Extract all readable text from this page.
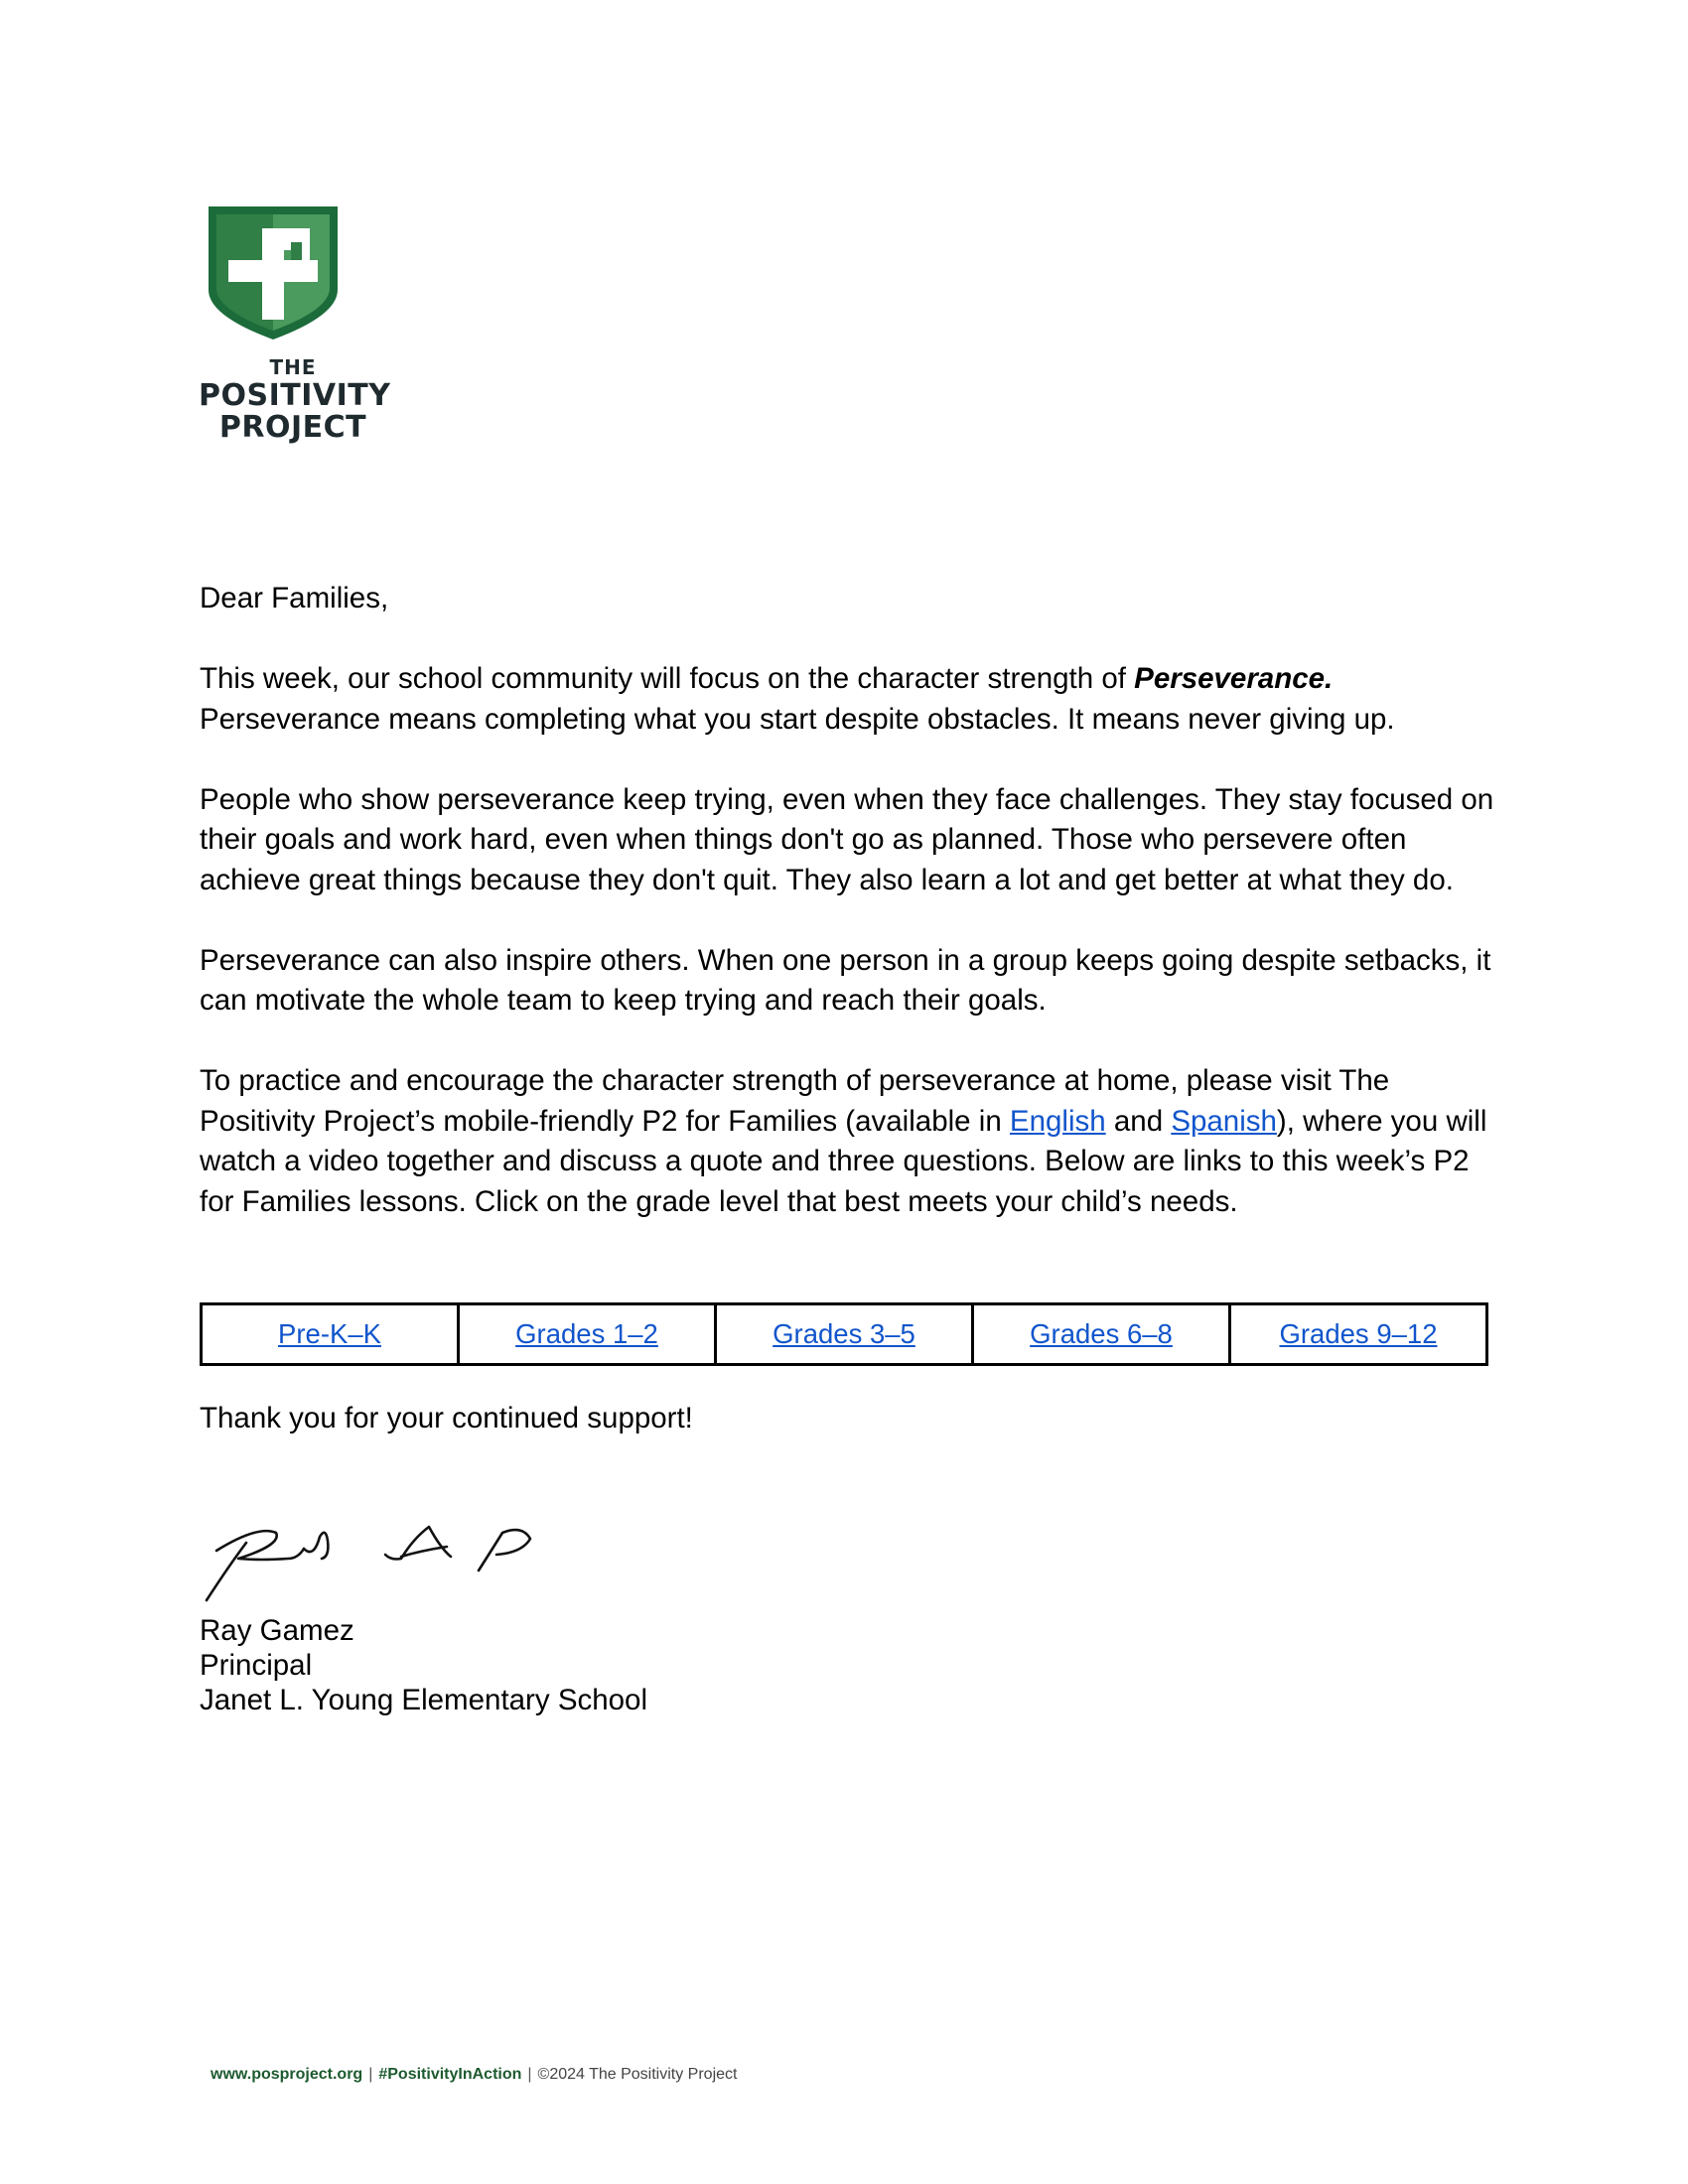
THE
POSITIVITY
PROJECT

Dear Families,

This week, our school community will focus on the character strength of Perseverance. Perseverance means completing what you start despite obstacles. It means never giving up.

People who show perseverance keep trying, even when they face challenges. They stay focused on their goals and work hard, even when things don't go as planned. Those who persevere often achieve great things because they don't quit. They also learn a lot and get better at what they do.

Perseverance can also inspire others. When one person in a group keeps going despite setbacks, it can motivate the whole team to keep trying and reach their goals.

To practice and encourage the character strength of perseverance at home, please visit The Positivity Project’s mobile-friendly P2 for Families (available in English and Spanish), where you will watch a video together and discuss a quote and three questions. Below are links to this week’s P2 for Families lessons. Click on the grade level that best meets your child’s needs.

Pre-K–K	Grades 1–2	Grades 3–5	Grades 6–8	Grades 9–12
Thank you for your continued support!
Ray Gamez
Principal
Janet L. Young Elementary School
www.posproject.org | #PositivityInAction | ©2024 The Positivity Project
